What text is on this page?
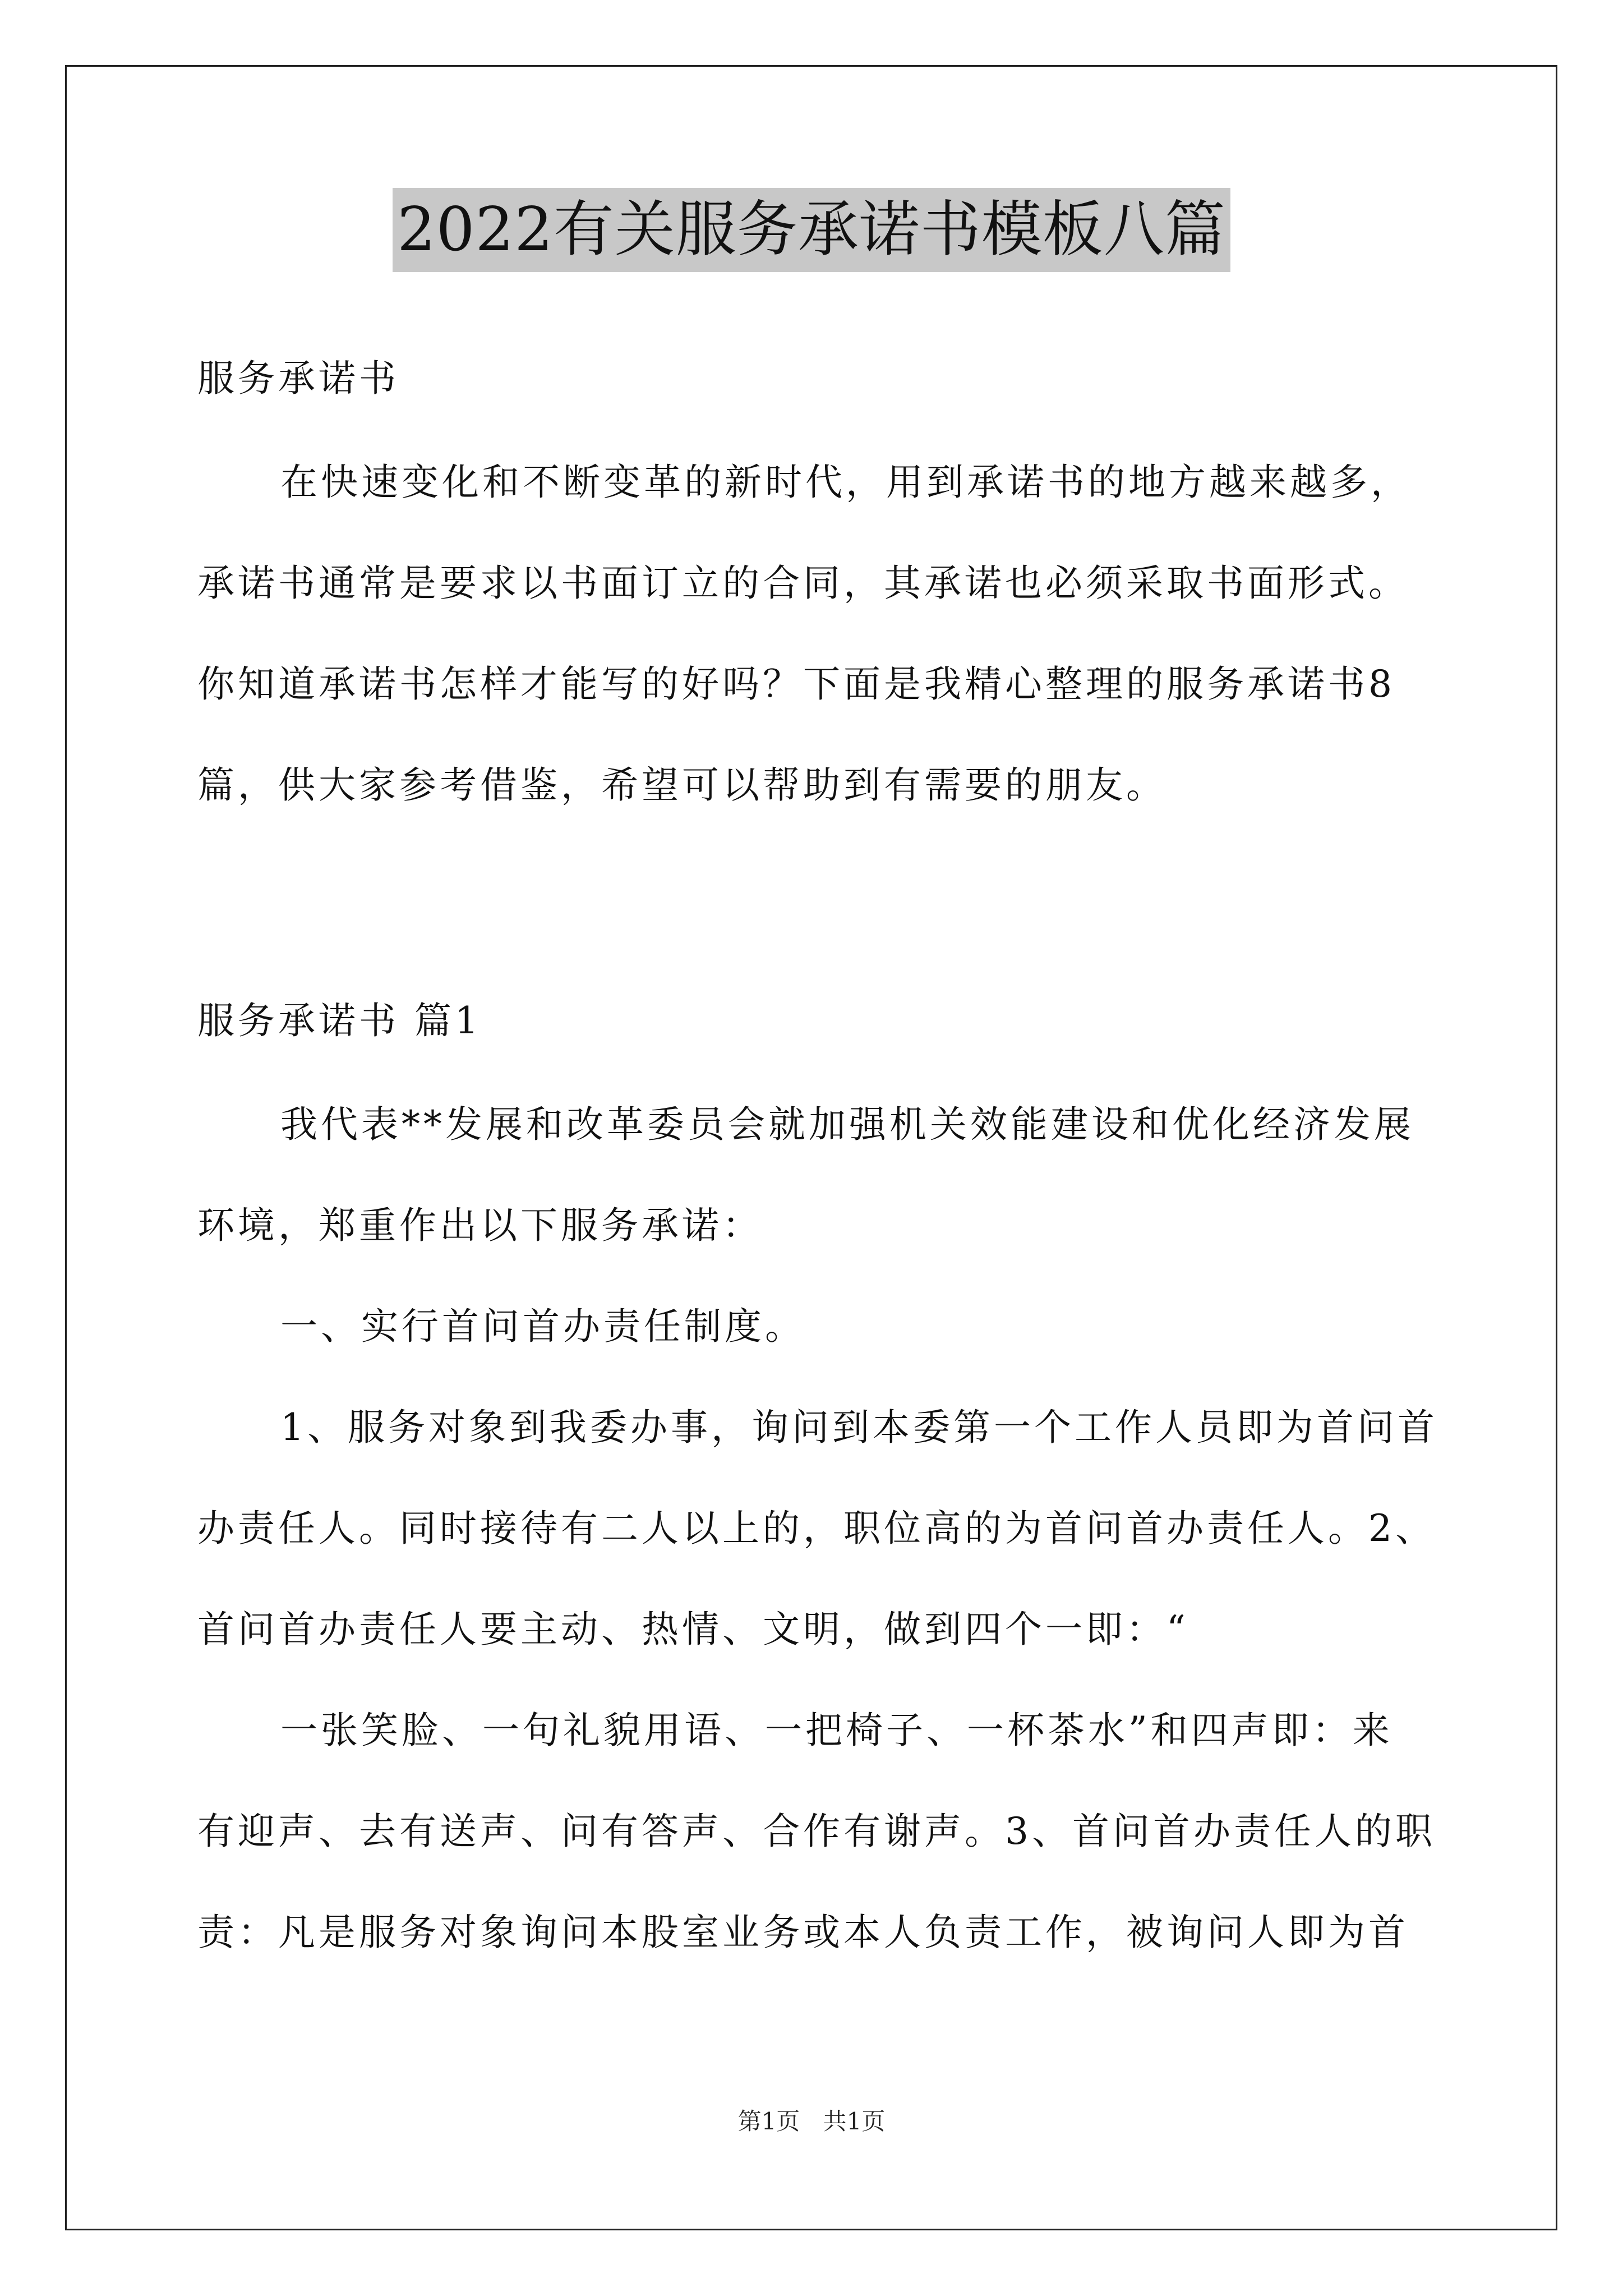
2022有关服务承诺书模板八篇
服务承诺书
在快速变化和不断变革的新时代，用到承诺书的地方越来越多，
承诺书通常是要求以书面订立的合同，其承诺也必须采取书面形式。
你知道承诺书怎样才能写的好吗？下面是我精心整理的服务承诺书8
篇，供大家参考借鉴，希望可以帮助到有需要的朋友。
服务承诺书 篇1
我代表**发展和改革委员会就加强机关效能建设和优化经济发展
环境，郑重作出以下服务承诺：
一、实行首问首办责任制度。
1、服务对象到我委办事，询问到本委第一个工作人员即为首问首
办责任人。同时接待有二人以上的，职位高的为首问首办责任人。2、
首问首办责任人要主动、热情、文明，做到四个一即：“
一张笑脸、一句礼貌用语、一把椅子、一杯茶水”和四声即：来
有迎声、去有送声、问有答声、合作有谢声。3、首问首办责任人的职
责：凡是服务对象询问本股室业务或本人负责工作，被询问人即为首
第1页 共1页
